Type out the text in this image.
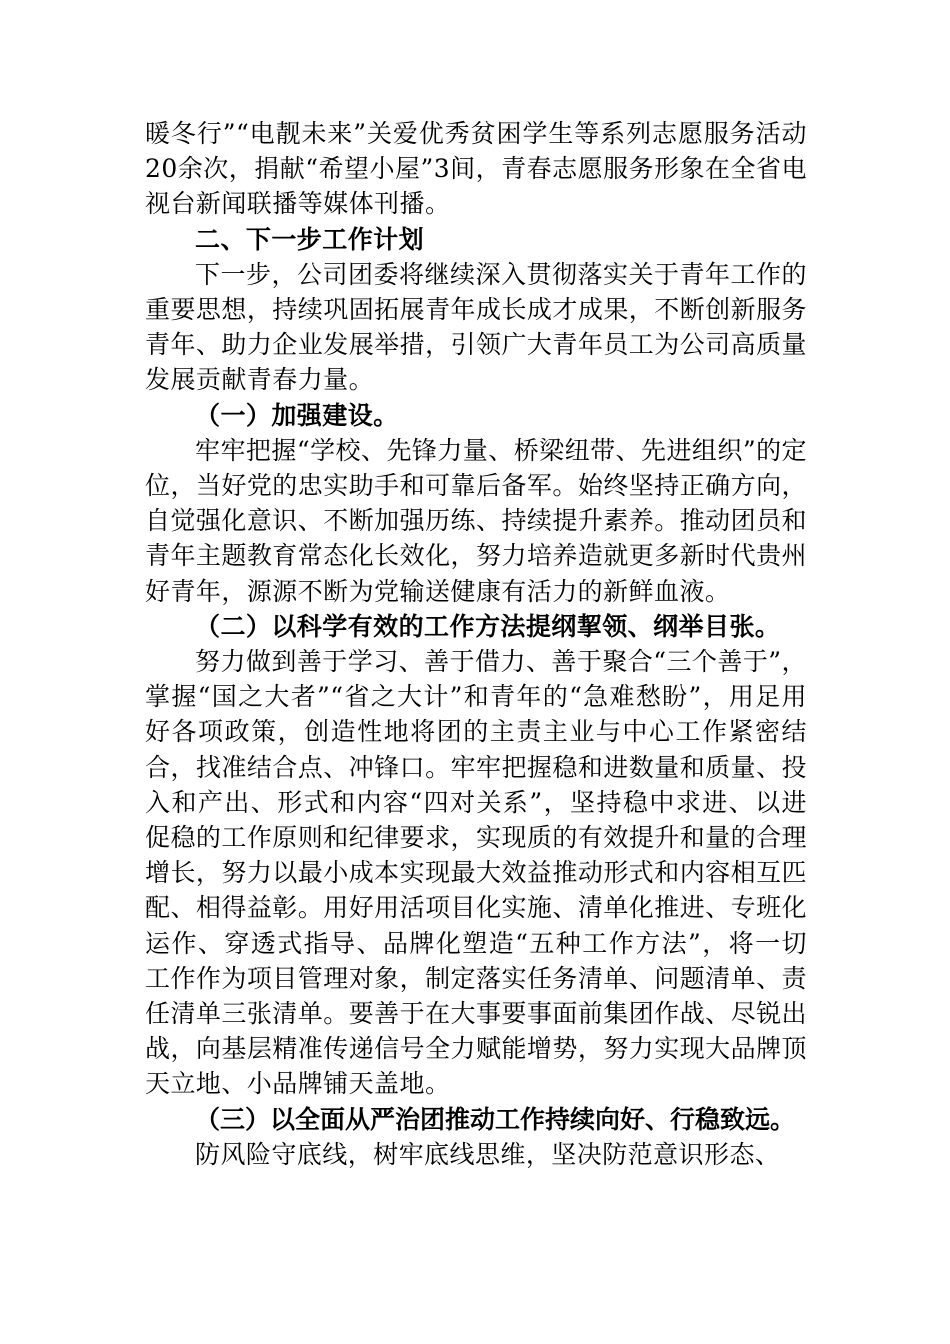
暖冬行”“电靓未来”关爱优秀贫困学生等系列志愿服务活动20余次，捐献“希望小屋”3间，青春志愿服务形象在全省电视台新闻联播等媒体刊播。

二、下一步工作计划

下一步，公司团委将继续深入贯彻落实关于青年工作的重要思想，持续巩固拓展青年成长成才成果，不断创新服务青年、助力企业发展举措，引领广大青年员工为公司高质量发展贡献青春力量。

（一）加强建设。

牢牢把握“学校、先锋力量、桥梁纽带、先进组织”的定位，当好党的忠实助手和可靠后备军。始终坚持正确方向，自觉强化意识、不断加强历练、持续提升素养。推动团员和青年主题教育常态化长效化，努力培养造就更多新时代贵州好青年，源源不断为党输送健康有活力的新鲜血液。

（二）以科学有效的工作方法提纲挈领、纲举目张。

努力做到善于学习、善于借力、善于聚合“三个善于”，掌握“国之大者”“省之大计”和青年的“急难愁盼”，用足用好各项政策，创造性地将团的主责主业与中心工作紧密结合，找准结合点、冲锋口。牢牢把握稳和进数量和质量、投入和产出、形式和内容“四对关系”，坚持稳中求进、以进促稳的工作原则和纪律要求，实现质的有效提升和量的合理增长，努力以最小成本实现最大效益推动形式和内容相互匹配、相得益彰。用好用活项目化实施、清单化推进、专班化运作、穿透式指导、品牌化塑造“五种工作方法”，将一切工作作为项目管理对象，制定落实任务清单、问题清单、责任清单三张清单。要善于在大事要事面前集团作战、尽锐出战，向基层精准传递信号全力赋能增势，努力实现大品牌顶天立地、小品牌铺天盖地。

（三）以全面从严治团推动工作持续向好、行稳致远。

防风险守底线，树牢底线思维，坚决防范意识形态、
